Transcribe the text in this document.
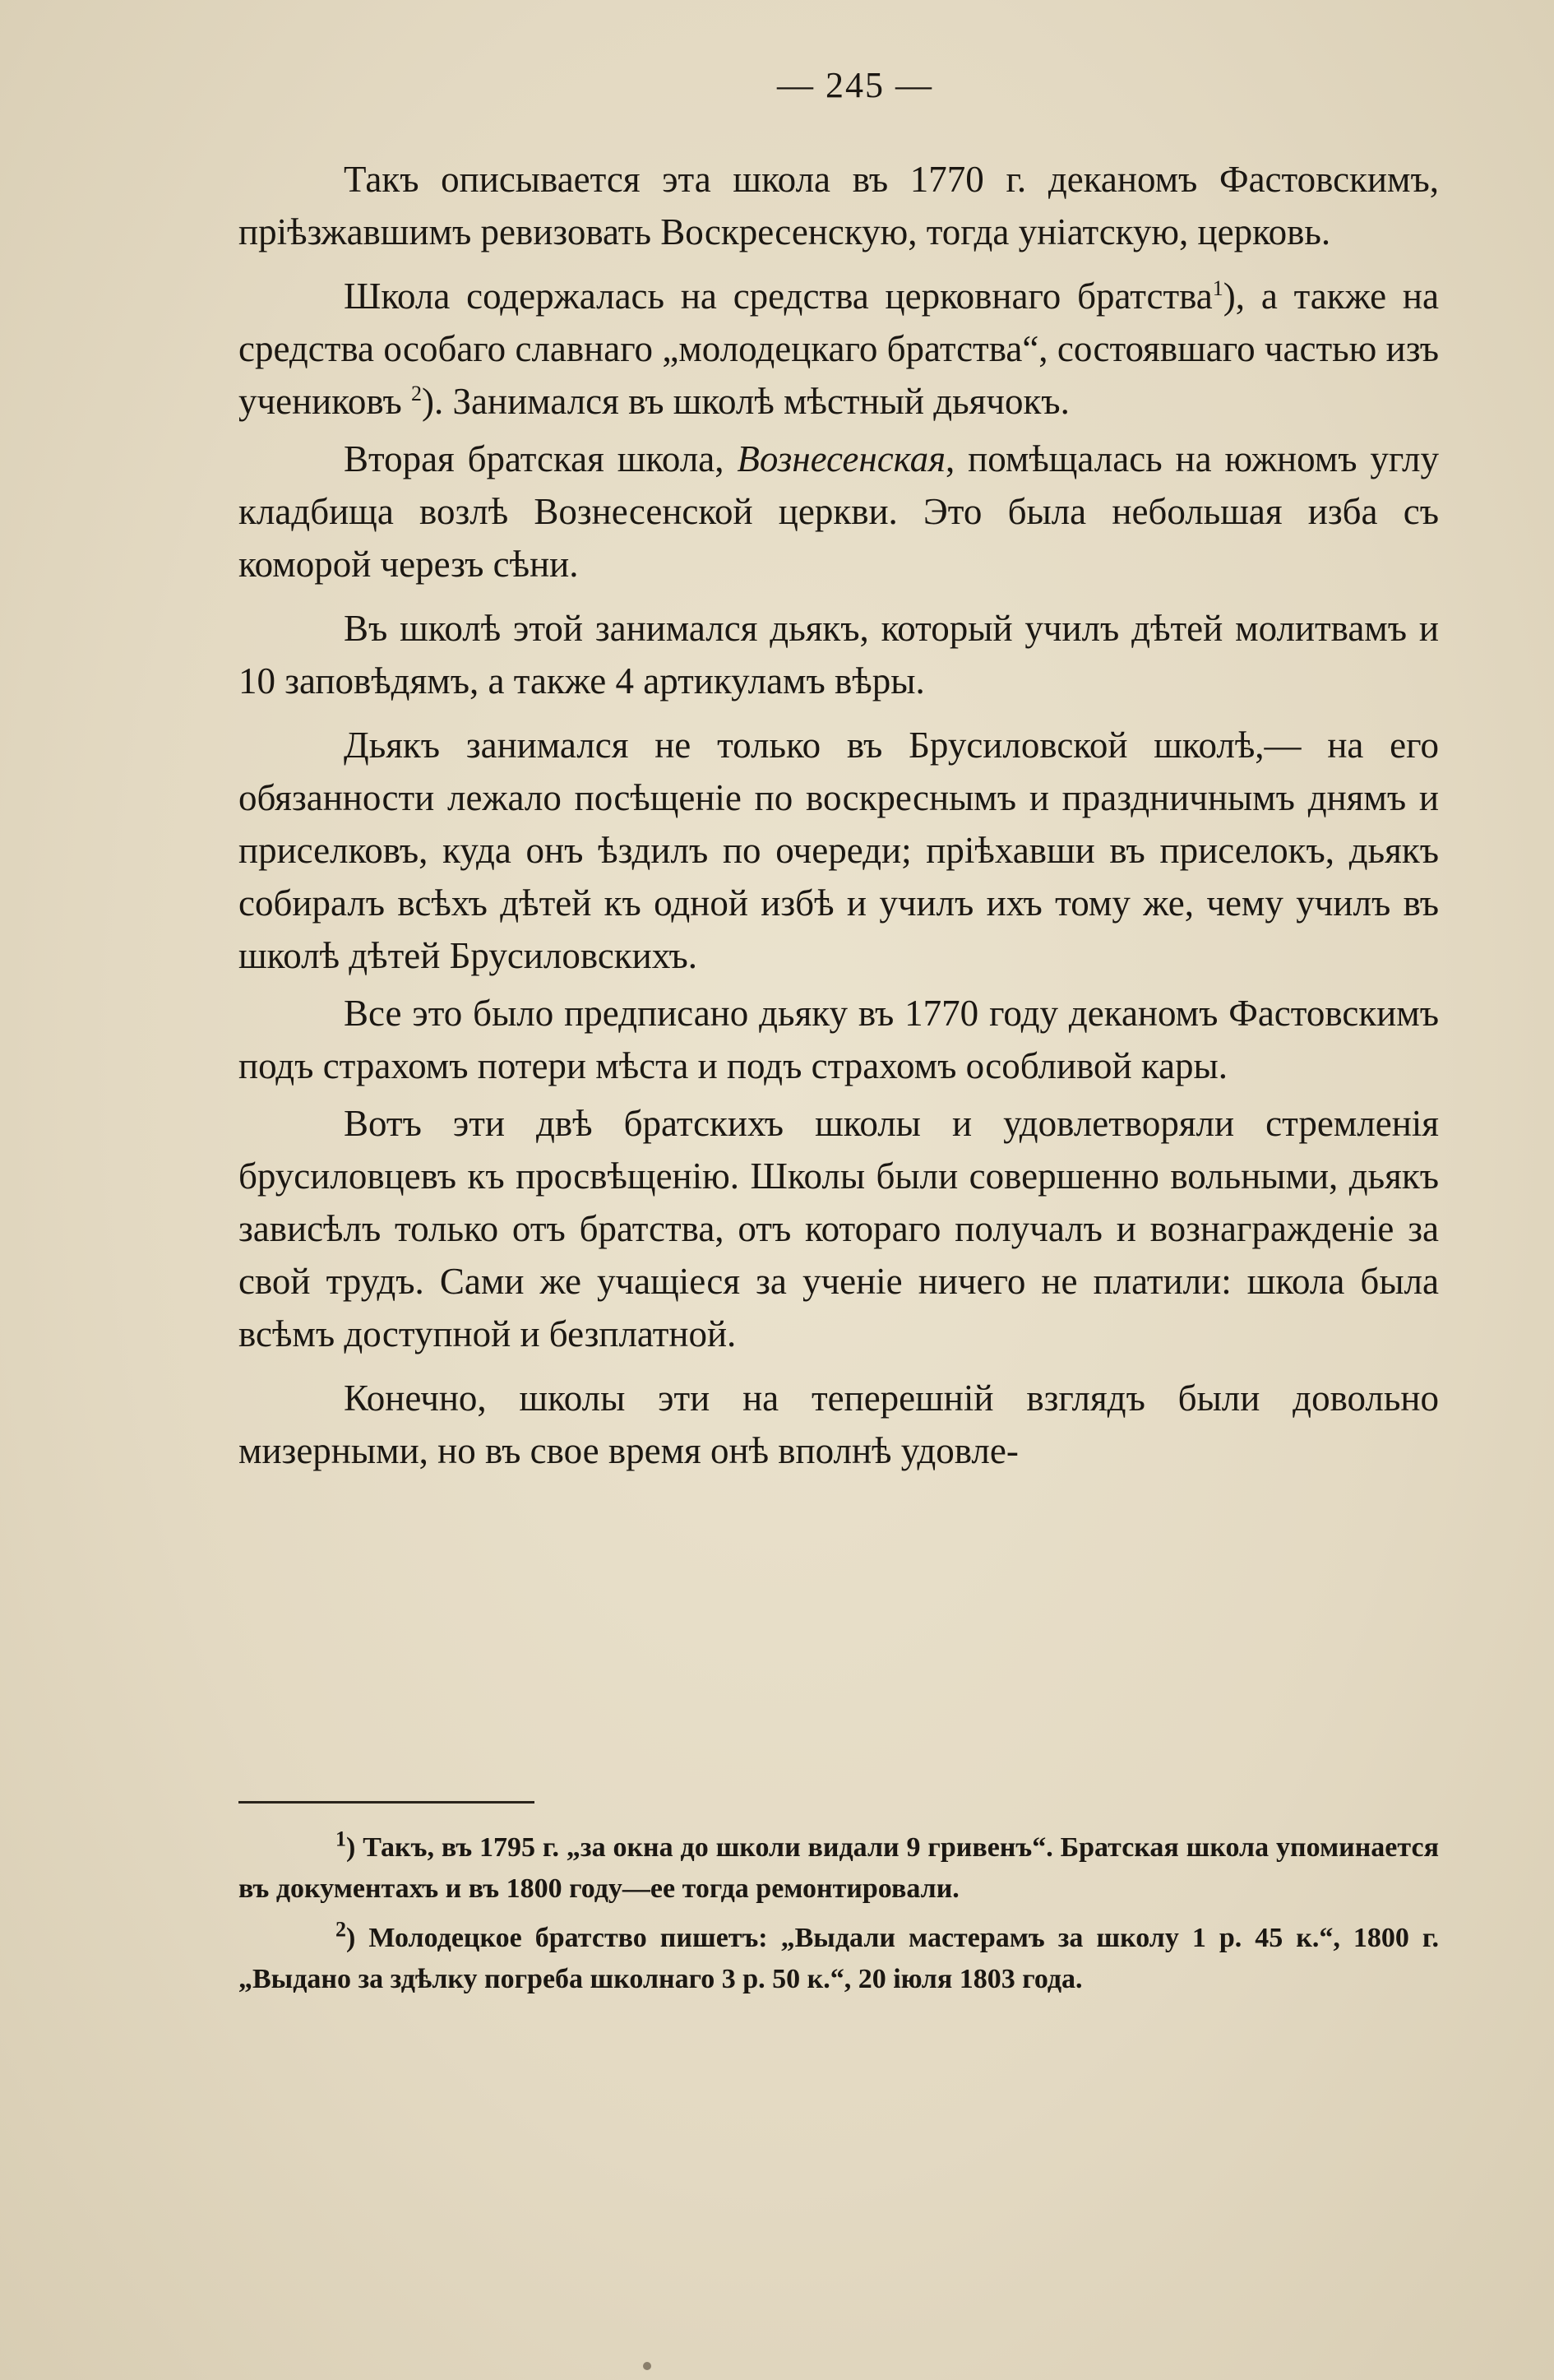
— 245 —

Такъ описывается эта школа въ 1770 г. деканомъ Фастовскимъ, пріѣзжавшимъ ревизовать Воскресенскую, тогда уніатскую, церковь.

Школа содержалась на средства церковнаго братства$^1$), а также на средства особаго славнаго „молодецкаго братства“, состоявшаго частью изъ учениковъ $^2$). Занимался въ школѣ мѣстный дьячокъ.

Вторая братская школа, Вознесенская, помѣщалась на южномъ углу кладбища возлѣ Вознесенской церкви. Это была небольшая изба съ коморой черезъ сѣни.

Въ школѣ этой занимался дьякъ, который училъ дѣтей молитвамъ и 10 заповѣдямъ, а также 4 артикуламъ вѣры.

Дьякъ занимался не только въ Брусиловской школѣ,— на его обязанности лежало посѣщеніе по воскреснымъ и праздничнымъ днямъ и приселковъ, куда онъ ѣздилъ по очереди; пріѣхавши въ приселокъ, дьякъ собиралъ всѣхъ дѣтей къ одной избѣ и училъ ихъ тому же, чему училъ въ школѣ дѣтей Брусиловскихъ.

Все это было предписано дьяку въ 1770 году деканомъ Фастовскимъ подъ страхомъ потери мѣста и подъ страхомъ особливой кары.

Вотъ эти двѣ братскихъ школы и удовлетворяли стремленія брусиловцевъ къ просвѣщенію. Школы были совершенно вольными, дьякъ зависѣлъ только отъ братства, отъ котораго получалъ и вознагражденіе за свой трудъ. Сами же учащіеся за ученіе ничего не платили: школа была всѣмъ доступной и безплатной.

Конечно, школы эти на теперешній взглядъ были довольно мизерными, но въ свое время онѣ вполнѣ удовле-

$^1$) Такъ, въ 1795 г. „за окна до школи видали 9 гривенъ“. Братская школа упоминается въ документахъ и въ 1800 году—ее тогда ремонтировали.

$^2$) Молодецкое братство пишетъ: „Выдали мастерамъ за школу 1 р. 45 к.“, 1800 г. „Выдано за здѣлку погреба школнаго 3 р. 50 к.“, 20 іюля 1803 года.
